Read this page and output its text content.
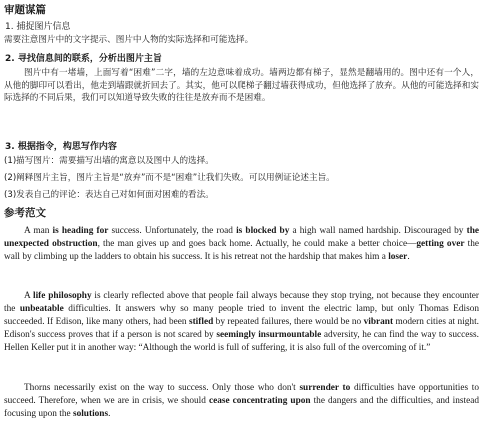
审题谋篇
1. 捕捉图片信息
需要注意图片中的文字提示、图片中人物的实际选择和可能选择。
2. 寻找信息间的联系，分析出图片主旨
图片中有一堵墙，上面写着“困难”二字，墙的左边意味着成功。墙两边都有梯子，显然是翻墙用的。图中还有一个人，从他的脚印可以看出，他走到墙跟就折回去了。其实，他可以爬梯子翻过墙获得成功，但他选择了放弃。从他的可能选择和实际选择的不同后果，我们可以知道导致失败的往往是放弃而不是困难。
3. 根据指令，构思写作内容
(1)描写图片：需要描写出墙的寓意以及图中人的选择。
(2)阐释图片主旨，图片主旨是“放弃”而不是“困难”让我们失败。可以用例证论述主旨。
(3)发表自己的评论：表达自己对如何面对困难的看法。
参考范文
A man is heading for success. Unfortunately, the road is blocked by a high wall named hardship. Discouraged by the unexpected obstruction, the man gives up and goes back home. Actually, he could make a better choice—getting over the wall by climbing up the ladders to obtain his success. It is his retreat not the hardship that makes him a loser.
A life philosophy is clearly reflected above that people fail always because they stop trying, not because they encounter the unbeatable difficulties. It answers why so many people tried to invent the electric lamp, but only Thomas Edison succeeded. If Edison, like many others, had been stifled by repeated failures, there would be no vibrant modern cities at night. Edison's success proves that if a person is not scared by seemingly insurmountable adversity, he can find the way to success. Hellen Keller put it in another way: “Although the world is full of suffering, it is also full of the overcoming of it.”
Thorns necessarily exist on the way to success. Only those who don't surrender to difficulties have opportunities to succeed. Therefore, when we are in crisis, we should cease concentrating upon the dangers and the difficulties, and instead focusing upon the solutions.
